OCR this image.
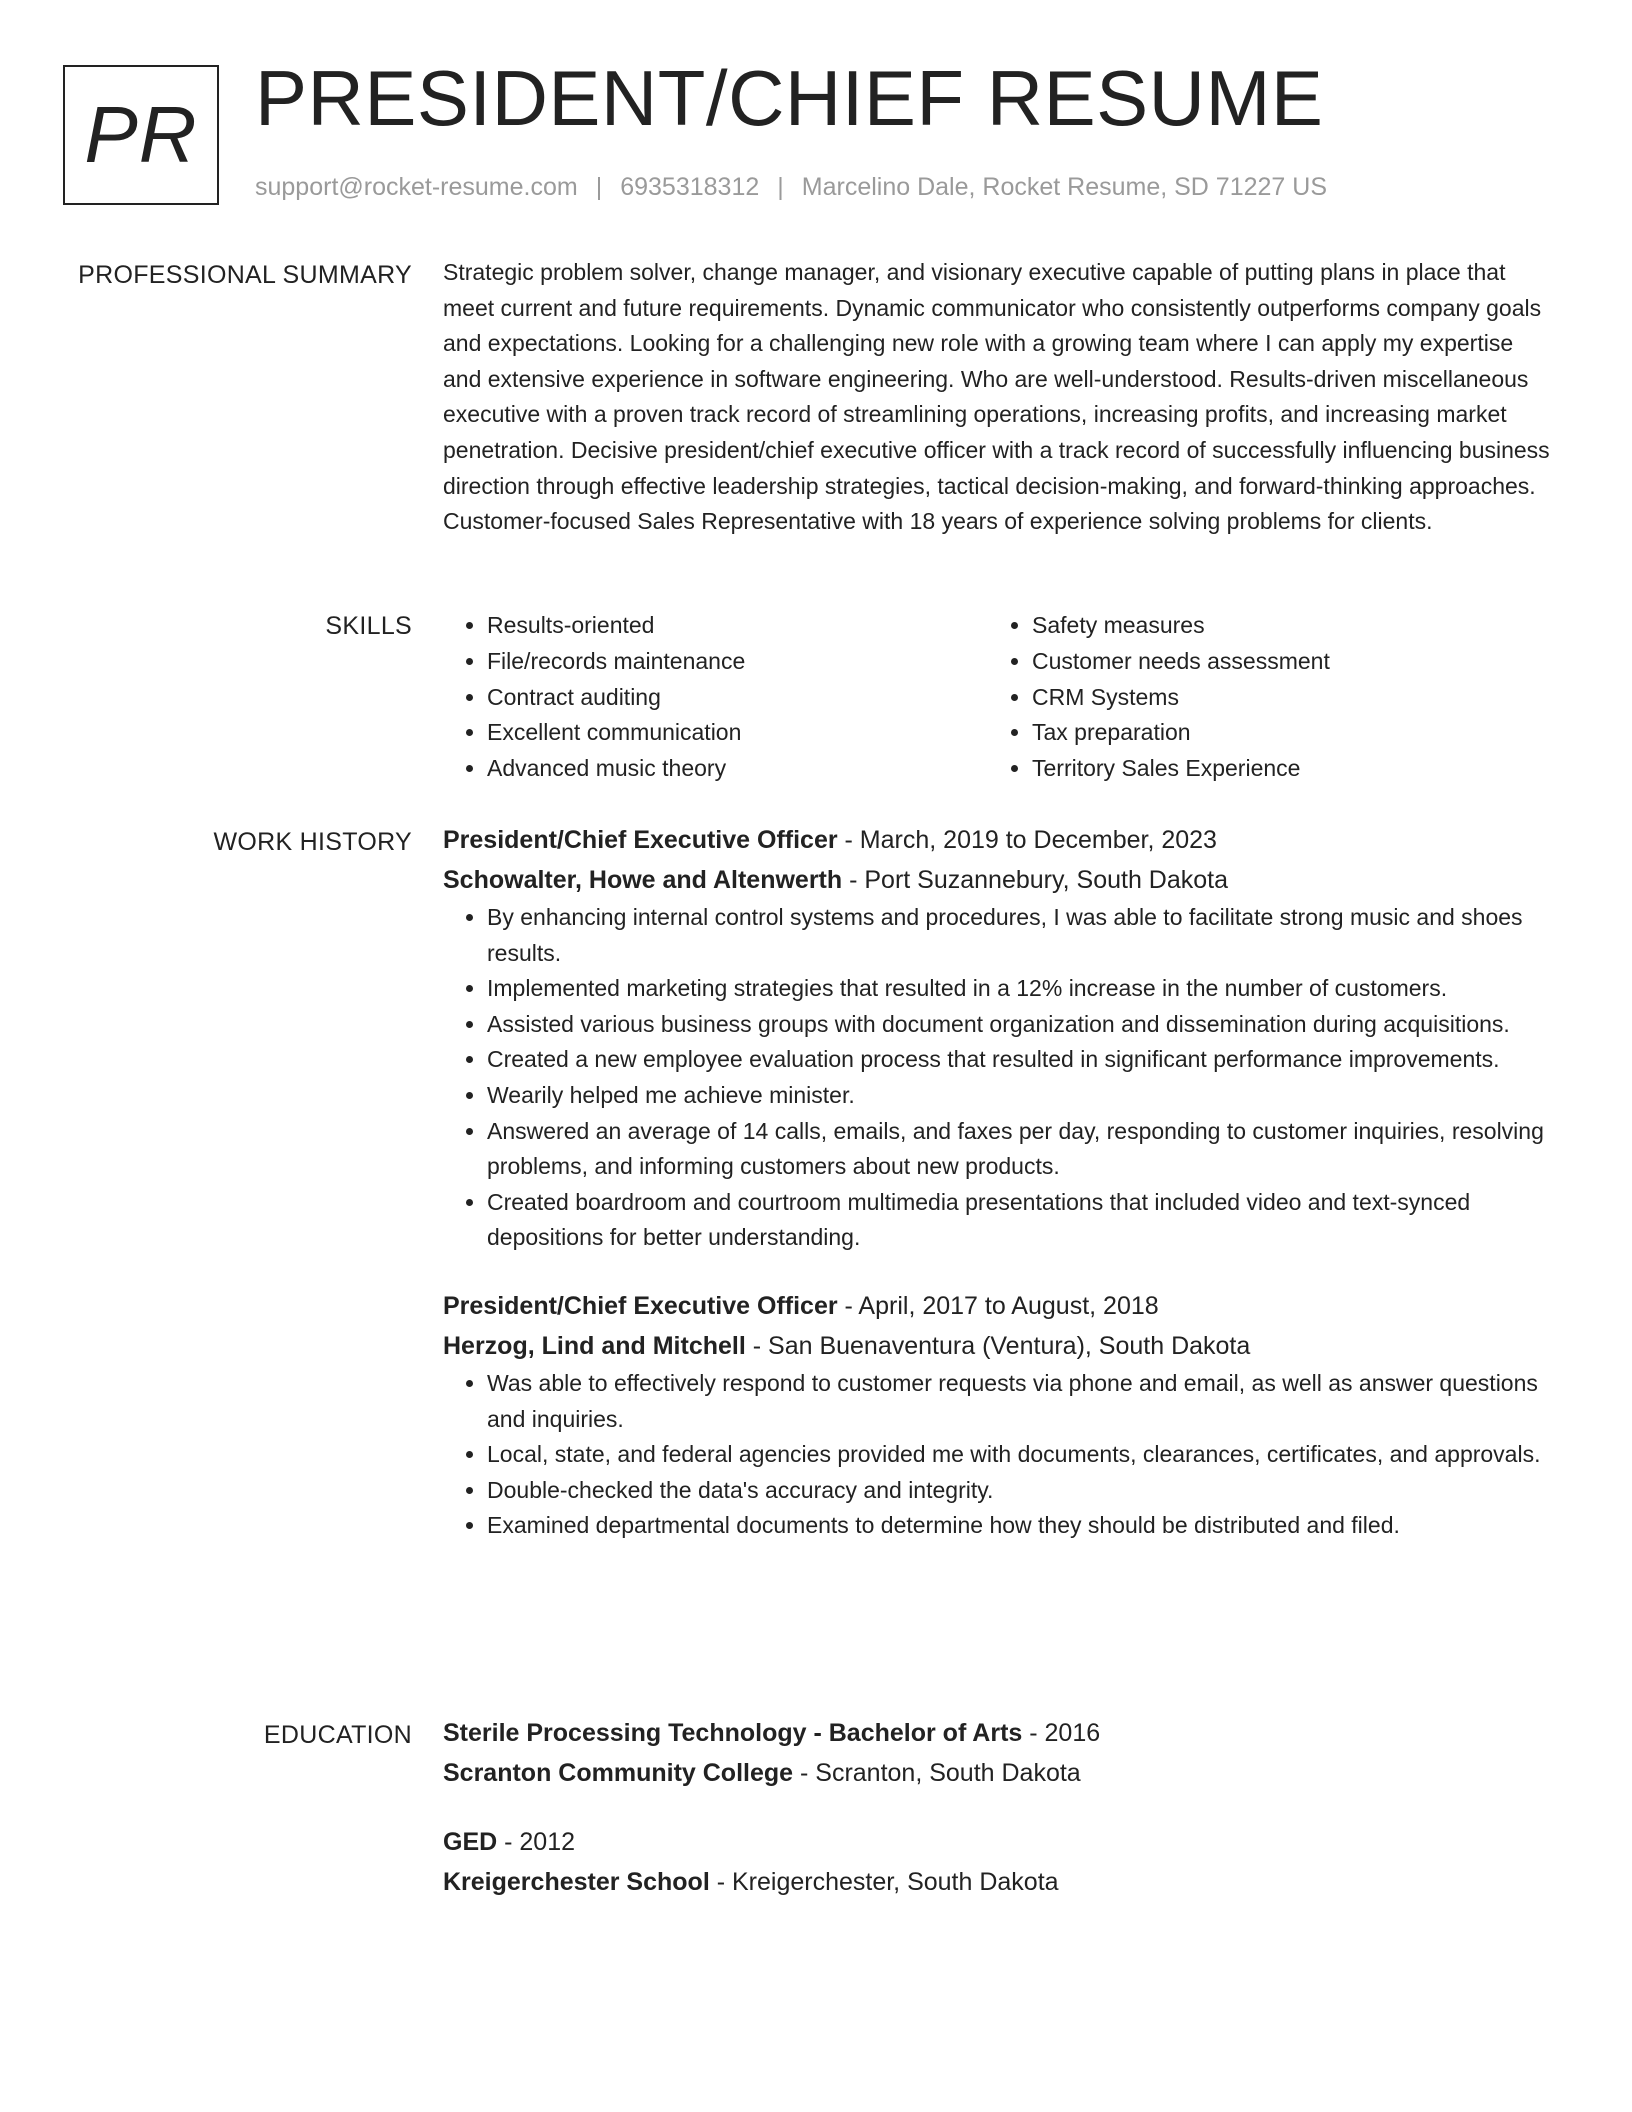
PR PRESIDENT/CHIEF RESUME
support@rocket-resume.com | 6935318312 | Marcelino Dale, Rocket Resume, SD 71227 US
PROFESSIONAL SUMMARY Strategic problem solver, change manager, and visionary executive capable of putting plans in place that meet current and future requirements. Dynamic communicator who consistently outperforms company goals and expectations. Looking for a challenging new role with a growing team where I can apply my expertise and extensive experience in software engineering. Who are well-understood. Results-driven miscellaneous executive with a proven track record of streamlining operations, increasing profits, and increasing market penetration. Decisive president/chief executive officer with a track record of successfully influencing business direction through effective leadership strategies, tactical decision-making, and forward-thinking approaches. Customer-focused Sales Representative with 18 years of experience solving problems for clients.

SKILLS
•	Results-oriented
• File/records maintenance
• Contract auditing
• Excellent communication
• Advanced music theory
• Safety measures
• Customer needs assessment
• CRM Systems
• Tax preparation
• Territory Sales Experience
WORK HISTORY President/Chief Executive Officer - March, 2019 to December, 2023
Schowalter, Howe and Altenwerth - Port Suzannebury, South Dakota
• By enhancing internal control systems and procedures, I was able to facilitate strong music and shoes results.
• Implemented marketing strategies that resulted in a 12% increase in the number of customers.
• Assisted various business groups with document organization and dissemination during acquisitions.
• Created a new employee evaluation process that resulted in significant performance improvements.
• Wearily helped me achieve minister.
• Answered an average of 14 calls, emails, and faxes per day, responding to customer inquiries, resolving problems, and informing customers about new products.
• Created boardroom and courtroom multimedia presentations that included video and text-synced depositions for better understanding.
President/Chief Executive Officer - April, 2017 to August, 2018
Herzog, Lind and Mitchell - San Buenaventura (Ventura), South Dakota
• Was able to effectively respond to customer requests via phone and email, as well as answer questions and inquiries.
• Local, state, and federal agencies provided me with documents, clearances, certificates, and approvals.
• Double-checked the data's accuracy and integrity.
• Examined departmental documents to determine how they should be distributed and filed.
EDUCATION Sterile Processing Technology - Bachelor of Arts - 2016
Scranton Community College - Scranton, South Dakota
GED - 2012
Kreigerchester School - Kreigerchester, South Dakota
